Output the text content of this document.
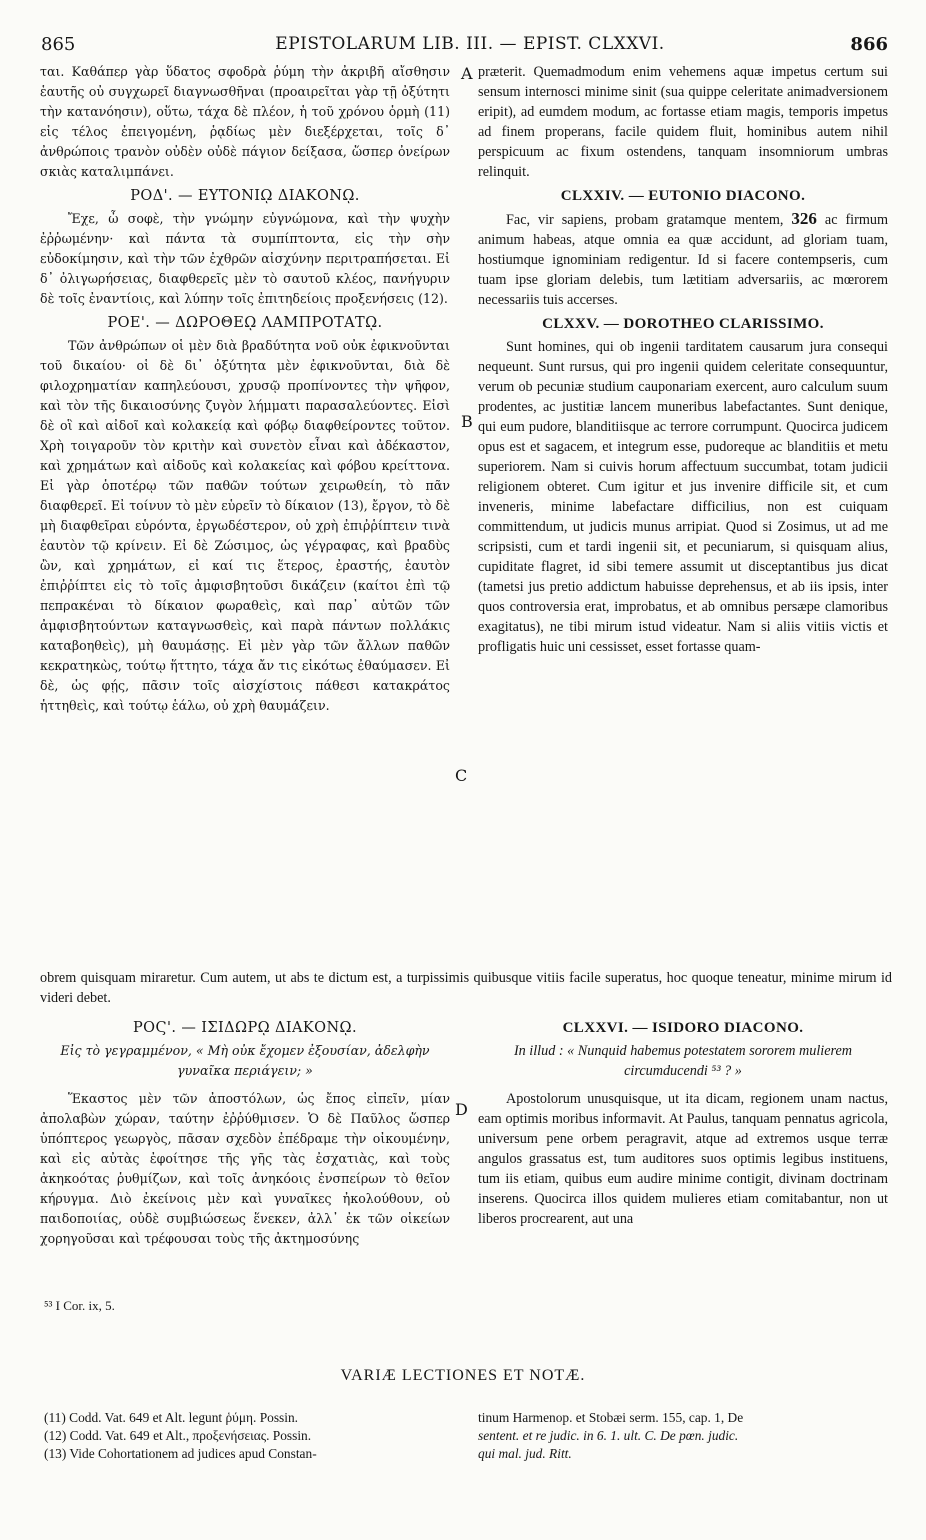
865	EPISTOLARUM LIB. III. — EPIST. CLXXVI.	866

ται. Καθάπερ γὰρ ὕδατος σφοδρὰ ῥύμη τὴν ἀκριβῆ αἴσθησιν ἑαυτῆς οὐ συγχωρεῖ διαγνωσθῆναι (προαιρεῖται γὰρ τῇ ὀξύτητι τὴν κατανόησιν), οὕτω, τάχα δὲ πλέον, ἡ τοῦ χρόνου ὁρμὴ (11) εἰς τέλος ἐπειγομένη, ῥᾳδίως μὲν διεξέρχεται, τοῖς δ᾽ ἀνθρώποις τρανὸν οὐδὲν οὐδὲ πάγιον δείξασα, ὥσπερ ὀνείρων σκιὰς καταλιμπάνει.

ΡΟΔ'. — ΕΥΤΟΝΙῼ ΔΙΑΚΟΝῼ.

Ἔχε, ὦ σοφὲ, τὴν γνώμην εὐγνώμονα, καὶ τὴν ψυχὴν ἐῤῥωμένην· καὶ πάντα τὰ συμπίπτοντα, εἰς τὴν σὴν εὐδοκίμησιν, καὶ τὴν τῶν ἐχθρῶν αἰσχύνην περιτραπήσεται. Εἰ δ᾽ ὀλιγωρήσειας, διαφθερεῖς μὲν τὸ σαυτοῦ κλέος, πανήγυριν δὲ τοῖς ἐναντίοις, καὶ λύπην τοῖς ἐπιτηδείοις προξενήσεις (12).

ΡΟΕ'. — ΔΩΡΟΘΕῼ ΛΑΜΠΡΟΤΑΤῼ.

Τῶν ἀνθρώπων οἱ μὲν διὰ βραδύτητα νοῦ οὐκ ἐφικνοῦνται τοῦ δικαίου· οἱ δὲ δι᾽ ὀξύτητα μὲν ἐφικνοῦνται, διὰ δὲ φιλοχρηματίαν καπηλεύουσι, χρυσῷ προπίνοντες τὴν ψῆφον, καὶ τὸν τῆς δικαιοσύνης ζυγὸν λήμματι παρασαλεύοντες. Εἰσὶ δὲ οἳ καὶ αἰδοῖ καὶ κολακείᾳ καὶ φόβῳ διαφθείροντες τοῦτον. Χρὴ τοιγαροῦν τὸν κριτὴν καὶ συνετὸν εἶναι καὶ ἀδέκαστον, καὶ χρημάτων καὶ αἰδοῦς καὶ κολακείας καὶ φόβου κρείττονα. Εἰ γὰρ ὁποτέρῳ τῶν παθῶν τούτων χειρωθείη, τὸ πᾶν διαφθερεῖ. Εἰ τοίνυν τὸ μὲν εὑρεῖν τὸ δίκαιον (13), ἔργον, τὸ δὲ μὴ διαφθεῖραι εὑρόντα, ἐργωδέστερον, οὐ χρὴ ἐπιῤῥίπτειν τινὰ ἑαυτὸν τῷ κρίνειν. Εἰ δὲ Ζώσιμος, ὡς γέγραφας, καὶ βραδὺς ὢν, καὶ χρημάτων, εἰ καί τις ἕτερος, ἐραστής, ἑαυτὸν ἐπιῤῥίπτει εἰς τὸ τοῖς ἀμφισβητοῦσι δικάζειν (καίτοι ἐπὶ τῷ πεπρακέναι τὸ δίκαιον φωραθεὶς, καὶ παρ᾽ αὐτῶν τῶν ἀμφισβητούντων καταγνωσθεὶς, καὶ παρὰ πάντων πολλάκις καταβοηθεὶς), μὴ θαυμάσῃς. Εἰ μὲν γὰρ τῶν ἄλλων παθῶν κεκρατηκὼς, τούτῳ ἥττητο, τάχα ἄν τις εἰκότως ἐθαύμασεν. Εἰ δὲ, ὡς φῄς, πᾶσιν τοῖς αἰσχίστοις πάθεσι κατακράτος ἡττηθεὶς, καὶ τούτῳ ἑάλω, οὐ χρὴ θαυμάζειν.

præterit. Quemadmodum enim vehemens aquæ impetus certum sui sensum internosci minime sinit (sua quippe celeritate animadversionem eripit), ad eumdem modum, ac fortasse etiam magis, temporis impetus ad finem properans, facile quidem fluit, hominibus autem nihil perspicuum ac fixum ostendens, tanquam insomniorum umbras relinquit.

CLXXIV. — EUTONIO DIACONO.

Fac, vir sapiens, probam gratamque mentem, 326 ac firmum animum habeas, atque omnia ea quæ accidunt, ad gloriam tuam, hostiumque ignominiam redigentur. Id si facere contempseris, cum tuam ipse gloriam delebis, tum lætitiam adversariis, ac mœrorem necessariis tuis accerses.

CLXXV. — DOROTHEO CLARISSIMO.

Sunt homines, qui ob ingenii tarditatem causarum jura consequi nequeunt. Sunt rursus, qui pro ingenii quidem celeritate consequuntur, verum ob pecuniæ studium cauponariam exercent, auro calculum suum prodentes, ac justitiæ lancem muneribus labefactantes. Sunt denique, qui eum pudore, blanditiisque ac terrore corrumpunt. Quocirca judicem opus est et sagacem, et integrum esse, pudoreque ac blanditiis et metu superiorem. Nam si cuivis horum affectuum succumbat, totam judicii religionem obteret. Cum igitur et jus invenire difficile sit, et cum inveneris, minime labefactare difficilius, non est cuiquam committendum, ut judicis munus arripiat. Quod si Zosimus, ut ad me scripsisti, cum et tardi ingenii sit, et pecuniarum, si quisquam alius, cupiditate flagret, id sibi temere assumit ut disceptantibus jus dicat (tametsi jus pretio addictum habuisse deprehensus, et ab iis ipsis, inter quos controversia erat, improbatus, et ab omnibus persæpe clamoribus exagitatus), ne tibi mirum istud videatur. Nam si aliis vitiis victis et profligatis huic uni cessisset, esset fortasse quam-

A
B
C
D
obrem quisquam miraretur. Cum autem, ut abs te dictum est, a turpissimis quibusque vitiis facile superatus, hoc quoque teneatur, minime mirum id videri debet.
ΡΟϚ'. — ΙΣΙΔΩΡῼ ΔΙΑΚΟΝῼ.

Εἰς τὸ γεγραμμένον, « Μὴ οὐκ ἔχομεν ἐξουσίαν, ἀδελφὴν γυναῖκα περιάγειν; »

Ἕκαστος μὲν τῶν ἀποστόλων, ὡς ἔπος εἰπεῖν, μίαν ἀπολαβὼν χώραν, ταύτην ἐῤῥύθμισεν. Ὁ δὲ Παῦλος ὥσπερ ὑπόπτερος γεωργὸς, πᾶσαν σχεδὸν ἐπέδραμε τὴν οἰκουμένην, καὶ εἰς αὐτὰς ἐφοίτησε τῆς γῆς τὰς ἐσχατιὰς, καὶ τοὺς ἀκηκοότας ῥυθμίζων, καὶ τοῖς ἀνηκόοις ἐνσπείρων τὸ θεῖον κήρυγμα. Διὸ ἐκείνοις μὲν καὶ γυναῖκες ἠκολούθουν, οὐ παιδοποιίας, οὐδὲ συμβιώσεως ἕνεκεν, ἀλλ᾽ ἐκ τῶν οἰκείων χορηγοῦσαι καὶ τρέφουσαι τοὺς τῆς ἀκτημοσύνης

CLXXVI. — ISIDORO DIACONO.

In illud : « Nunquid habemus potestatem sororem mulierem circumducendi ⁵³ ? »

Apostolorum unusquisque, ut ita dicam, regionem unam nactus, eam optimis moribus informavit. At Paulus, tanquam pennatus agricola, universum pene orbem peragravit, atque ad extremos usque terræ angulos grassatus est, tum auditores suos optimis legibus instituens, tum iis etiam, quibus eum audire minime contigit, divinam doctrinam inserens. Quocirca illos quidem mulieres etiam comitabantur, non ut liberos procrearent, aut una

⁵³ I Cor. ix, 5.
VARIÆ LECTIONES ET NOTÆ.
(11) Codd. Vat. 649 et Alt. legunt ῥύμη. Possin.
(12) Codd. Vat. 649 et Alt., προξενήσειας. Possin.
(13) Vide Cohortationem ad judices apud Constan-
tinum Harmenop. et Stobæi serm. 155, cap. 1, De
sentent. et re judic. in 6. 1. ult. C. De pœn. judic.
qui mal. jud. Ritt.
